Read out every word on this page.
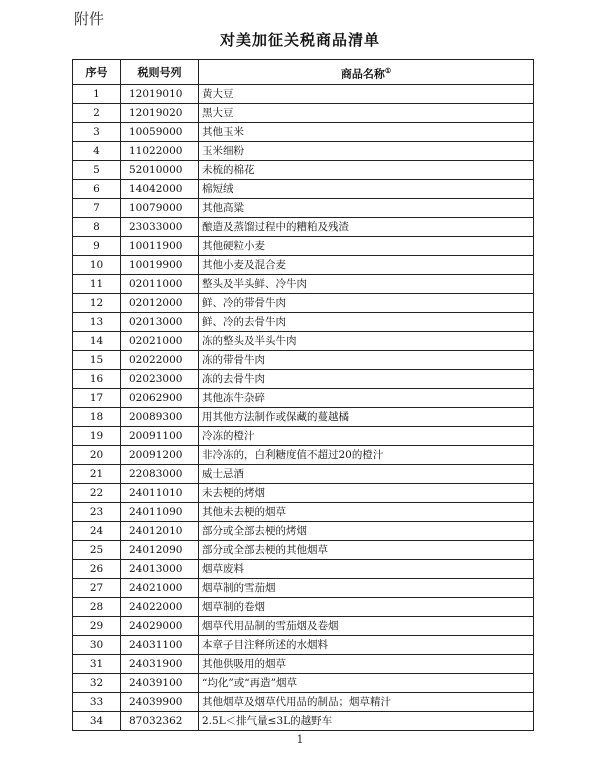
附件
对美加征关税商品清单
序号	税则号列	商品名称①
1	12019010	黄大豆
2	12019020	黑大豆
3	10059000	其他玉米
4	11022000	玉米细粉
5	52010000	未梳的棉花
6	14042000	棉短绒
7	10079000	其他高粱
8	23033000	酿造及蒸馏过程中的糟粕及残渣
9	10011900	其他硬粒小麦
10	10019900	其他小麦及混合麦
11	02011000	整头及半头鲜、冷牛肉
12	02012000	鲜、冷的带骨牛肉
13	02013000	鲜、冷的去骨牛肉
14	02021000	冻的整头及半头牛肉
15	02022000	冻的带骨牛肉
16	02023000	冻的去骨牛肉
17	02062900	其他冻牛杂碎
18	20089300	用其他方法制作或保藏的蔓越橘
19	20091100	冷冻的橙汁
20	20091200	非冷冻的，白利糖度值不超过20的橙汁
21	22083000	威士忌酒
22	24011010	未去梗的烤烟
23	24011090	其他未去梗的烟草
24	24012010	部分或全部去梗的烤烟
25	24012090	部分或全部去梗的其他烟草
26	24013000	烟草废料
27	24021000	烟草制的雪茄烟
28	24022000	烟草制的卷烟
29	24029000	烟草代用品制的雪茄烟及卷烟
30	24031100	本章子目注释所述的水烟料
31	24031900	其他供吸用的烟草
32	24039100	“均化”或“再造”烟草
33	24039900	其他烟草及烟草代用品的制品；烟草精汁
34	87032362	2.5L＜排气量≤3L的越野车
1
